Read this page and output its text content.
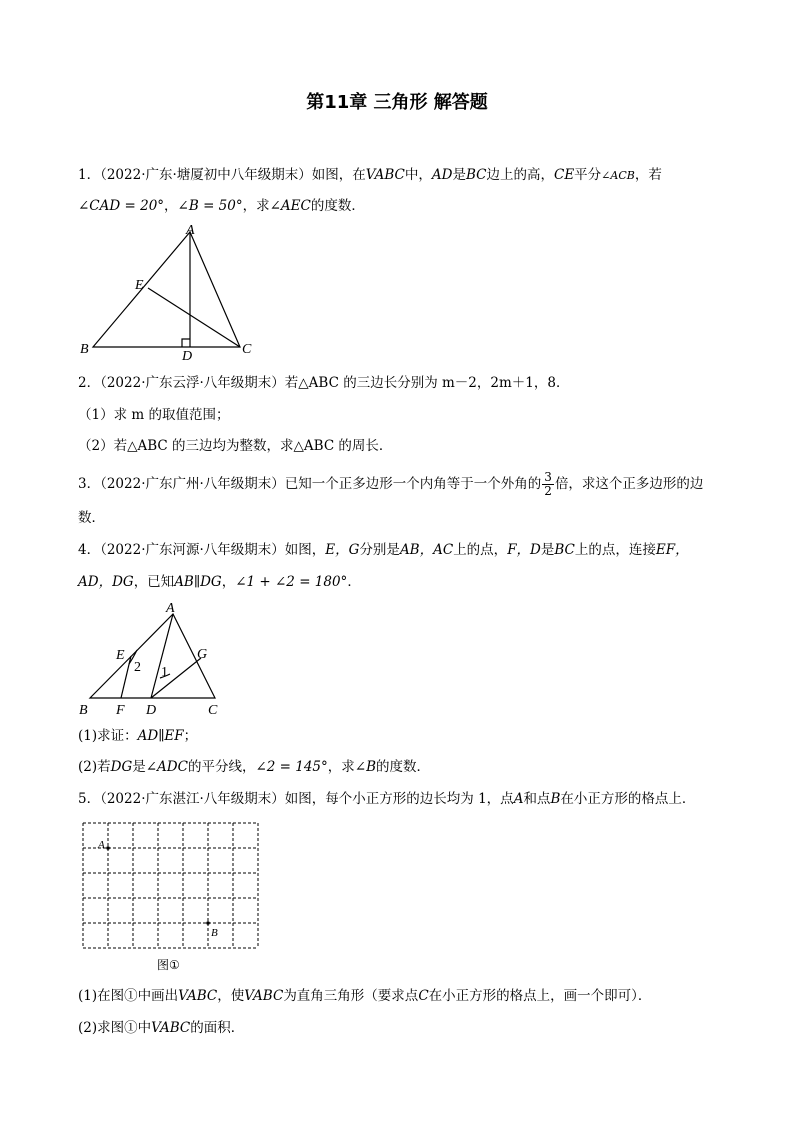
第11章 三角形 解答题
1．（2022·广东·塘厦初中八年级期末）如图，在VABC中，AD是BC边上的高，CE平分∠ACB，若
∠CAD = 20°，∠B = 50°，求∠AEC的度数．
A
B	C
D
E
2．（2022·广东云浮·八年级期末）若△ABC 的三边长分别为 m－2，2m＋1，8．
（1）求 m 的取值范围；
（2）若△ABC 的三边均为整数，求△ABC 的周长．
3．（2022·广东广州·八年级期末）已知一个正多边形一个内角等于一个外角的 $\frac{3}{2}$ 倍，求这个正多边形的边
数．
4．（2022·广东河源·八年级期末）如图，E，G分别是AB，AC上的点，F，D是BC上的点，连接EF，
AD，DG，已知AB∥DG，∠1 + ∠2 = 180°．
A
B	C
D
E
F
G
1
2
(1)求证：AD∥EF；
(2)若DG是∠ADC的平分线，∠2 = 145°，求∠B的度数．
5．（2022·广东湛江·八年级期末）如图，每个小正方形的边长均为 1，点A和点B在小正方形的格点上．
A
B
图①
(1)在图①中画出VABC，使VABC为直角三角形（要求点C在小正方形的格点上，画一个即可）．
(2)求图①中VABC的面积．
